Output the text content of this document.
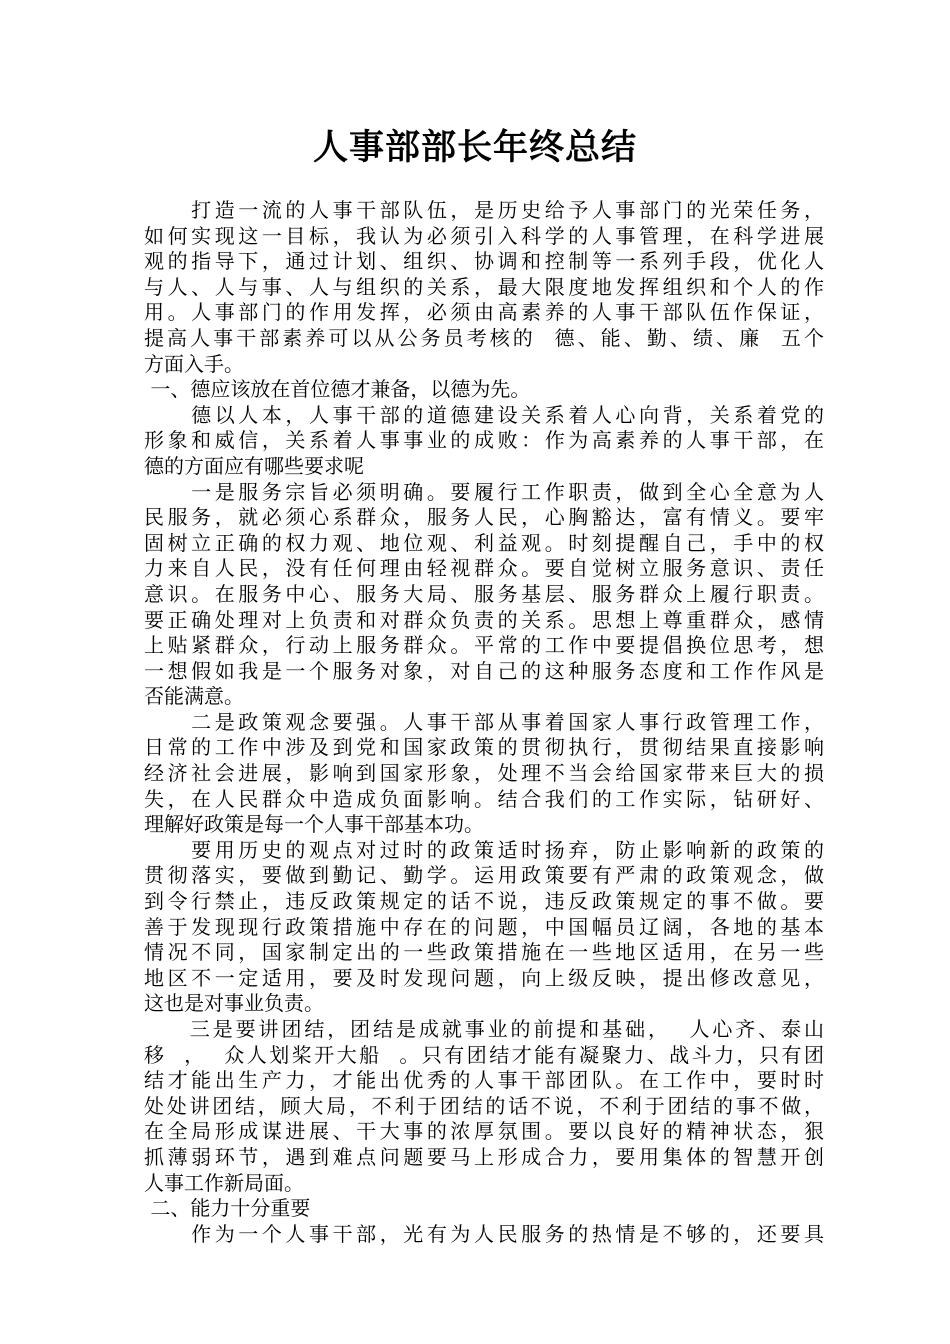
人事部部长年终总结
　　打造一流的人事干部队伍，是历史给予人事部门的光荣任务，
如何实现这一目标，我认为必须引入科学的人事管理，在科学进展
观的指导下，通过计划、组织、协调和控制等一系列手段，优化人
与人、人与事、人与组织的关系，最大限度地发挥组织和个人的作
用。人事部门的作用发挥，必须由高素养的人事干部队伍作保证，
提高人事干部素养可以从公务员考核的  德、能、勤、绩、廉  五个
方面入手。
一、德应该放在首位德才兼备，以德为先。
　　德以人本，人事干部的道德建设关系着人心向背，关系着党的
形象和威信，关系着人事事业的成败：作为高素养的人事干部，在
德的方面应有哪些要求呢
　　一是服务宗旨必须明确。要履行工作职责，做到全心全意为人
民服务，就必须心系群众，服务人民，心胸豁达，富有情义。要牢
固树立正确的权力观、地位观、利益观。时刻提醒自己，手中的权
力来自人民，没有任何理由轻视群众。要自觉树立服务意识、责任
意识。在服务中心、服务大局、服务基层、服务群众上履行职责。
要正确处理对上负责和对群众负责的关系。思想上尊重群众，感情
上贴紧群众，行动上服务群众。平常的工作中要提倡换位思考，想
一想假如我是一个服务对象，对自己的这种服务态度和工作作风是
否能满意。
　　二是政策观念要强。人事干部从事着国家人事行政管理工作，
日常的工作中涉及到党和国家政策的贯彻执行，贯彻结果直接影响
经济社会进展，影响到国家形象，处理不当会给国家带来巨大的损
失，在人民群众中造成负面影响。结合我们的工作实际，钻研好、
理解好政策是每一个人事干部基本功。
　　要用历史的观点对过时的政策适时扬弃，防止影响新的政策的
贯彻落实，要做到勤记、勤学。运用政策要有严肃的政策观念，做
到令行禁止，违反政策规定的话不说，违反政策规定的事不做。要
善于发现现行政策措施中存在的问题，中国幅员辽阔，各地的基本
情况不同，国家制定出的一些政策措施在一些地区适用，在另一些
地区不一定适用，要及时发现问题，向上级反映，提出修改意见，
这也是对事业负责。
　　三是要讲团结，团结是成就事业的前提和基础，  人心齐、泰山
移  ，  众人划桨开大船  。只有团结才能有凝聚力、战斗力，只有团
结才能出生产力，才能出优秀的人事干部团队。在工作中，要时时
处处讲团结，顾大局，不利于团结的话不说，不利于团结的事不做，
在全局形成谋进展、干大事的浓厚氛围。要以良好的精神状态，狠
抓薄弱环节，遇到难点问题要马上形成合力，要用集体的智慧开创
人事工作新局面。
二、能力十分重要
　　作为一个人事干部，光有为人民服务的热情是不够的，还要具
